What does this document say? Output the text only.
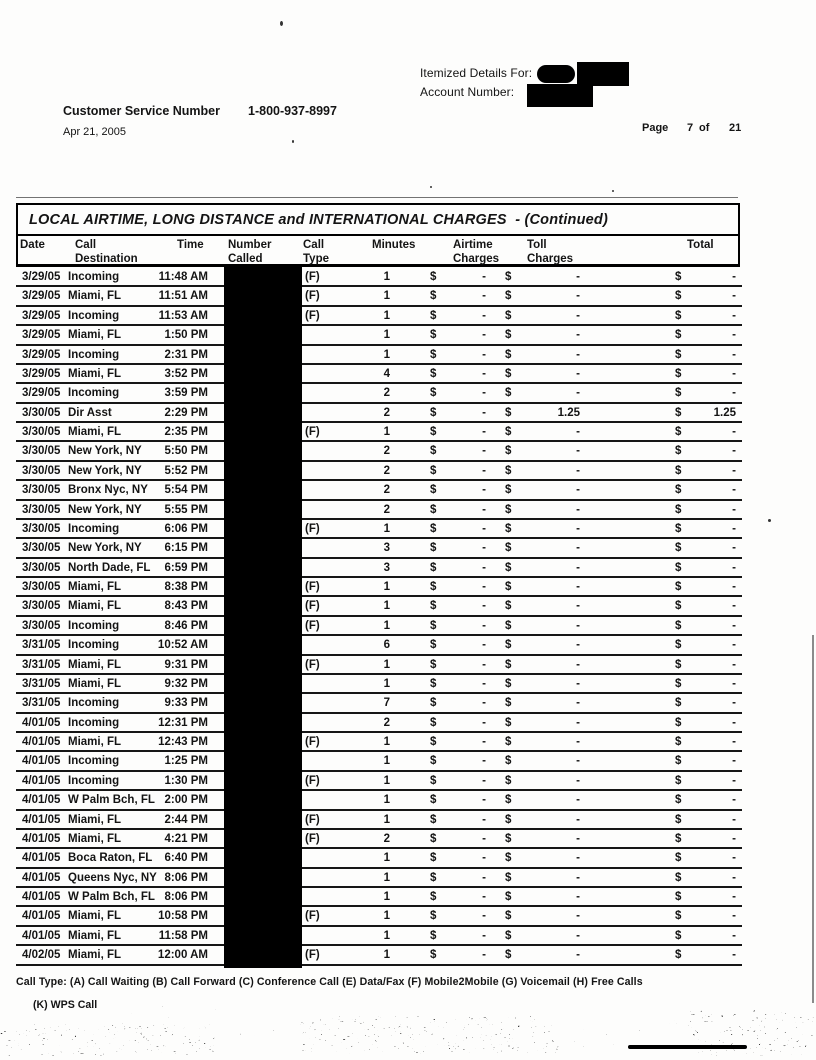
Itemized Details For:
Account Number:
Customer Service Number 1-800-937-8997
Apr 21, 2005	Page 7 of 21
LOCAL AIRTIME, LONG DISTANCE and INTERNATIONAL CHARGES  - (Continued)
Date	Call
Destination
Time Number
Called
Call
Type
Minutes	Airtime
Charges
Toll
Charges
Total
3/29/05 Incoming	11:48 AM	(F)	1	$	- $	-	$	-
3/29/05 Miami, FL	11:51 AM	(F)	1	$	- $	-	$	-
3/29/05 Incoming	11:53 AM	(F)	1	$	- $	-	$	-
3/29/05 Miami, FL	1:50 PM	1	$	- $	-	$	-
3/29/05 Incoming	2:31 PM	1	$	- $	-	$	-
3/29/05 Miami, FL	3:52 PM	4	$	- $	-	$	-
3/29/05 Incoming	3:59 PM	2	$	- $	-	$	-
3/30/05 Dir Asst	2:29 PM	2	$	- $	1.25	$	1.25
3/30/05 Miami, FL	2:35 PM	(F)	1	$	- $	-	$	-
3/30/05 New York, NY	5:50 PM	2	$	- $	-	$	-
3/30/05 New York, NY	5:52 PM	2	$	- $	-	$	-
3/30/05 Bronx Nyc, NY	5:54 PM	2	$	- $	-	$	-
3/30/05 New York, NY	5:55 PM	2	$	- $	-	$	-
3/30/05 Incoming	6:06 PM	(F)	1	$	- $	-	$	-
3/30/05 New York, NY	6:15 PM	3	$	- $	-	$	-
3/30/05 North Dade, FL	6:59 PM	3	$	- $	-	$	-
3/30/05 Miami, FL	8:38 PM	(F)	1	$	- $	-	$	-
3/30/05 Miami, FL	8:43 PM	(F)	1	$	- $	-	$	-
3/30/05 Incoming	8:46 PM	(F)	1	$	- $	-	$	-
3/31/05 Incoming	10:52 AM	6	$	- $	-	$	-
3/31/05 Miami, FL	9:31 PM	(F)	1	$	- $	-	$	-
3/31/05 Miami, FL	9:32 PM	1	$	- $	-	$	-
3/31/05 Incoming	9:33 PM	7	$	- $	-	$	-
4/01/05 Incoming	12:31 PM	2	$	- $	-	$	-
4/01/05 Miami, FL	12:43 PM	(F)	1	$	- $	-	$	-
4/01/05 Incoming	1:25 PM	1	$	- $	-	$	-
4/01/05 Incoming	1:30 PM	(F)	1	$	- $	-	$	-
4/01/05 W Palm Bch, FL 2:00 PM	1	$	- $	-	$	-
4/01/05 Miami, FL	2:44 PM	(F)	1	$	- $	-	$	-
4/01/05 Miami, FL	4:21 PM	(F)	2	$	- $	-	$	-
4/01/05 Boca Raton, FL	6:40 PM	1	$	- $	-	$	-
4/01/05 Queens Nyc, NY 8:06 PM	1	$	- $	-	$	-
4/01/05 W Palm Bch, FL 8:06 PM	1	$	- $	-	$	-
4/01/05 Miami, FL	10:58 PM	(F)	1	$	- $	-	$	-
4/01/05 Miami, FL	11:58 PM	1	$	- $	-	$	-
4/02/05 Miami, FL	12:00 AM	(F)	1	$	- $	-	$	-
Call Type: (A) Call Waiting (B) Call Forward (C) Conference Call (E) Data/Fax (F) Mobile2Mobile (G) Voicemail (H) Free Calls
(K) WPS Call
